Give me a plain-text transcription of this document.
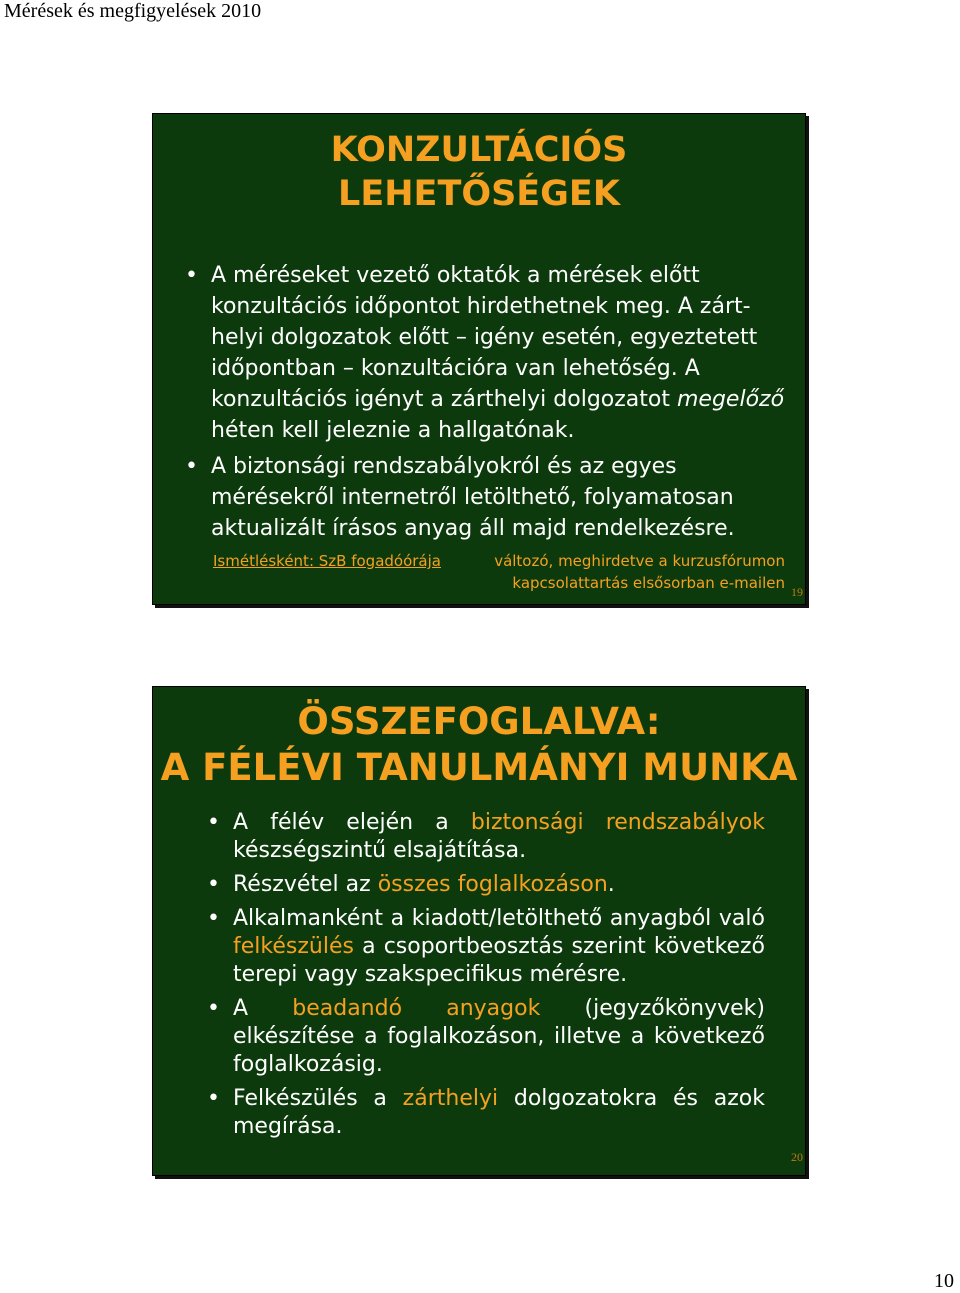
Mérések és megfigyelések 2010
KONZULTÁCIÓS
LEHETŐSÉGEK
• A méréseket vezető oktatók a mérések előtt konzultációs időpontot hirdethetnek meg. A zárt-helyi dolgozatok előtt – igény esetén, egyeztetett időpontban – konzultációra van lehetőség. A konzultációs igényt a zárthelyi dolgozatot megelőző héten kell jeleznie a hallgatónak.
• A biztonsági rendszabályokról és az egyes mérésekről internetről letölthető, folyamatosan aktualizált írásos anyag áll majd rendelkezésre.
Ismétlésként: SzB fogadóórája	változó, meghirdetve a kurzusfórumon
kapcsolattartás elsősorban e-mailen 19
ÖSSZEFOGLALVA:
A FÉLÉVI TANULMÁNYI MUNKA
• A félév elején a biztonsági rendszabályok készségszintű elsajátítása.
• Részvétel az összes foglalkozáson.
• Alkalmanként a kiadott/letölthető anyagból való felkészülés a csoportbeosztás szerint következő terepi vagy szakspecifikus mérésre.
• A beadandó anyagok (jegyzőkönyvek) elkészítése a foglalkozáson, illetve a következő foglalkozásig.
• Felkészülés a zárthelyi dolgozatokra és azok megírása.
20
10
